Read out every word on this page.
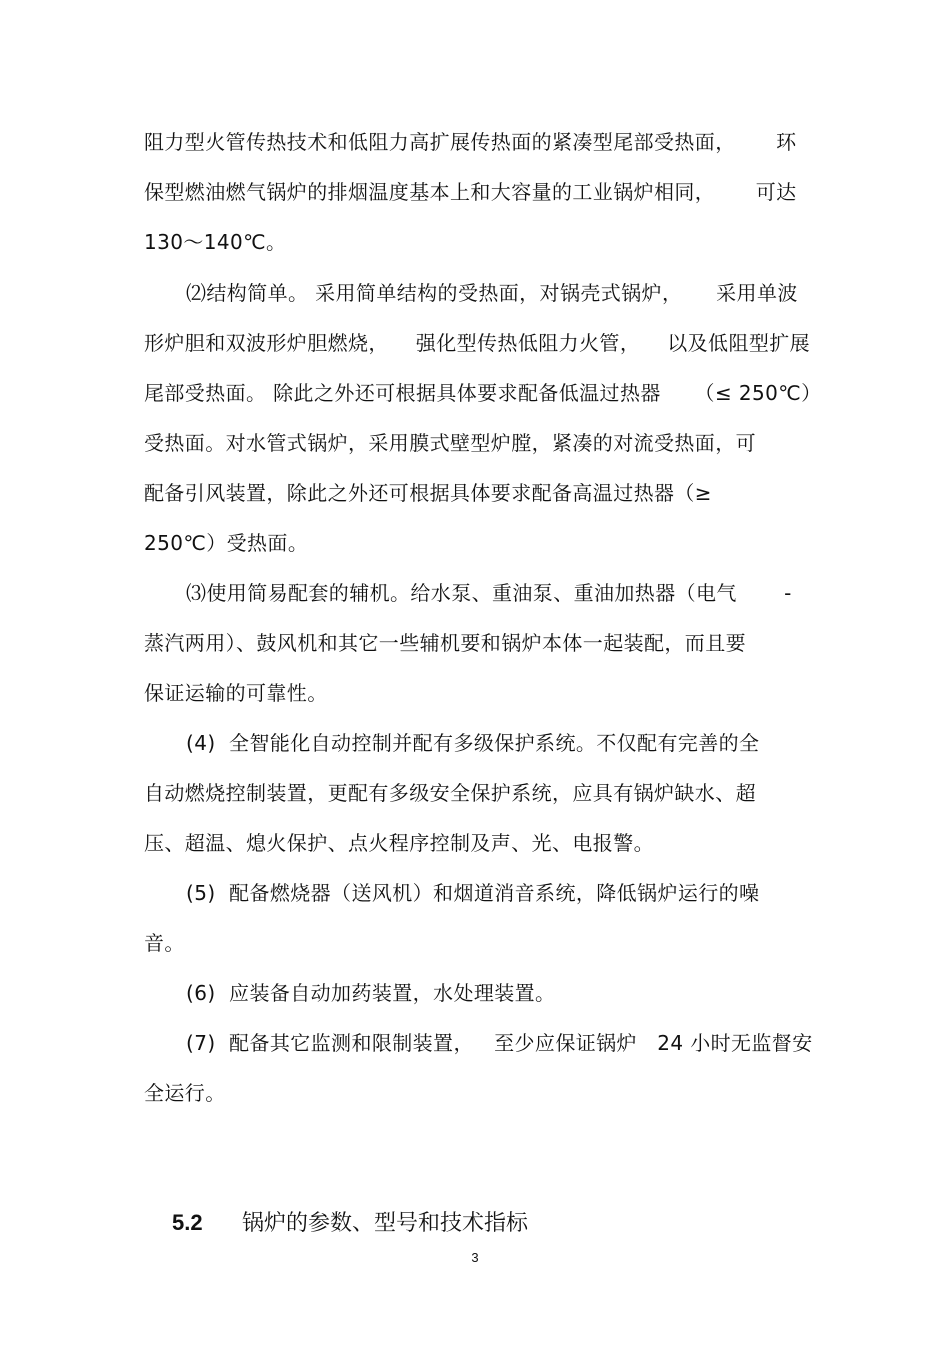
阻力型火管传热技术和低阻力高扩展传热面的紧凑型尾部受热面，      环
保型燃油燃气锅炉的排烟温度基本上和大容量的工业锅炉相同，      可达
130～140℃。
⑵结构简单。 采用简单结构的受热面，对锅壳式锅炉，     采用单波
形炉胆和双波形炉胆燃烧，    强化型传热低阻力火管，    以及低阻型扩展
尾部受热面。 除此之外还可根据具体要求配备低温过热器     （≤ 250℃）
受热面。对水管式锅炉，采用膜式壁型炉膛，紧凑的对流受热面，可
配备引风装置，除此之外还可根据具体要求配备高温过热器（≥
250℃）受热面。
⑶使用简易配套的辅机。给水泵、重油泵、重油加热器（电气       -
蒸汽两用）、鼓风机和其它一些辅机要和锅炉本体一起装配，而且要
保证运输的可靠性。
(4)  全智能化自动控制并配有多级保护系统。不仅配有完善的全
自动燃烧控制装置，更配有多级安全保护系统，应具有锅炉缺水、超
压、超温、熄火保护、点火程序控制及声、光、电报警。
(5)  配备燃烧器（送风机）和烟道消音系统，降低锅炉运行的噪
音。
(6)  应装备自动加药装置，水处理装置。
(7)  配备其它监测和限制装置，   至少应保证锅炉   24 小时无监督安
全运行。

5.2 锅炉的参数、型号和技术指标

3
